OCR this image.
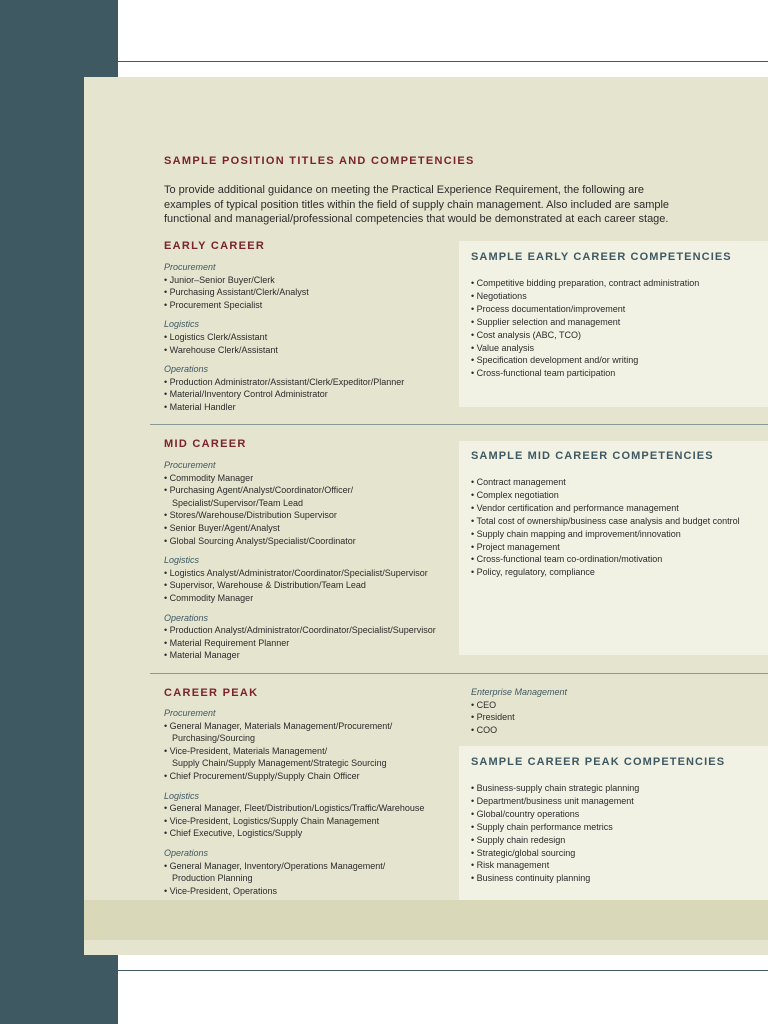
SAMPLE POSITION TITLES AND COMPETENCIES

To provide additional guidance on meeting the Practical Experience Requirement, the following are examples of typical position titles within the field of supply chain management. Also included are sample functional and managerial/professional competencies that would be demonstrated at each career stage.

EARLY CAREER

Procurement

• Junior–Senior Buyer/Clerk
• Purchasing Assistant/Clerk/Analyst
• Procurement Specialist

Logistics

• Logistics Clerk/Assistant
• Warehouse Clerk/Assistant

Operations

• Production Administrator/Assistant/Clerk/Expeditor/Planner
• Material/Inventory Control Administrator
• Material Handler
SAMPLE EARLY CAREER COMPETENCIES
• Competitive bidding preparation, contract administration
• Negotiations
• Process documentation/improvement
• Supplier selection and management
• Cost analysis (ABC, TCO)
• Value analysis
• Specification development and/or writing
• Cross-functional team participation
MID CAREER

Procurement

• Commodity Manager
• Purchasing Agent/Analyst/Coordinator/Officer/
Specialist/Supervisor/Team Lead
• Stores/Warehouse/Distribution Supervisor
• Senior Buyer/Agent/Analyst
• Global Sourcing Analyst/Specialist/Coordinator

Logistics

• Logistics Analyst/Administrator/Coordinator/Specialist/Supervisor
• Supervisor, Warehouse & Distribution/Team Lead
• Commodity Manager

Operations

• Production Analyst/Administrator/Coordinator/Specialist/Supervisor
• Material Requirement Planner
• Material Manager
SAMPLE MID CAREER COMPETENCIES
• Contract management
• Complex negotiation
• Vendor certification and performance management
• Total cost of ownership/business case analysis and budget control
• Supply chain mapping and improvement/innovation
• Project management
• Cross-functional team co-ordination/motivation
• Policy, regulatory, compliance
CAREER PEAK

Procurement

• General Manager, Materials Management/Procurement/
Purchasing/Sourcing
• Vice-President, Materials Management/
Supply Chain/Supply Management/Strategic Sourcing
• Chief Procurement/Supply/Supply Chain Officer

Logistics

• General Manager, Fleet/Distribution/Logistics/Traffic/Warehouse
• Vice-President, Logistics/Supply Chain Management
• Chief Executive, Logistics/Supply

Operations

• General Manager, Inventory/Operations Management/
Production Planning
• Vice-President, Operations

Enterprise Management

• CEO
• President
• COO
SAMPLE CAREER PEAK COMPETENCIES
• Business-supply chain strategic planning
• Department/business unit management
• Global/country operations
• Supply chain performance metrics
• Supply chain redesign
• Strategic/global sourcing
• Risk management
• Business continuity planning
